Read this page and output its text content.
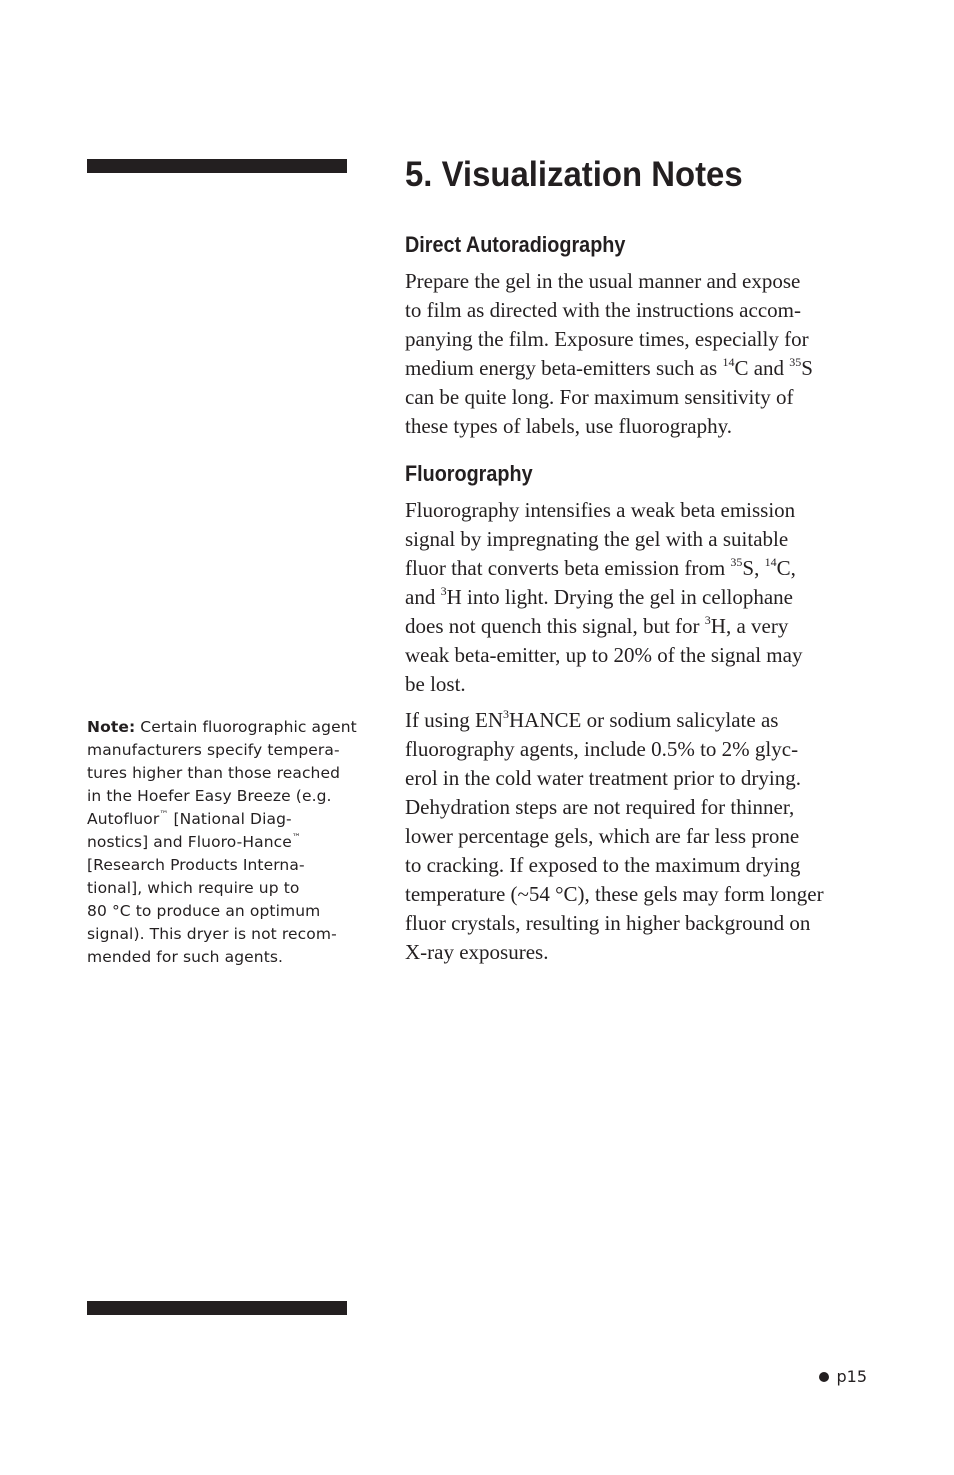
5. Visualization Notes
Direct Autoradiography

Prepare the gel in the usual manner and expose
to film as directed with the instructions accom-
panying the film. Exposure times, especially for
medium energy beta-emitters such as $^{14}$C and $^{35}$S
can be quite long. For maximum sensitivity of
these types of labels, use fluorography.

Fluorography

Fluorography intensifies a weak beta emission
signal by impregnating the gel with a suitable
fluor that converts beta emission from $^{35}$S, $^{14}$C,
and $^3$H into light. Drying the gel in cellophane
does not quench this signal, but for $^3$H, a very
weak beta-emitter, up to 20% of the signal may
be lost.

If using $EN^3HANCE$ or sodium salicylate as
fluorography agents, include 0.5% to 2% glyc-
erol in the cold water treatment prior to drying.
Dehydration steps are not required for thinner,
lower percentage gels, which are far less prone
to cracking. If exposed to the maximum drying
temperature (~54 °C), these gels may form longer
fluor crystals, resulting in higher background on
X-ray exposures.

Note: Certain fluorographic agent
manufacturers specify tempera-
tures higher than those reached
in the Hoefer Easy Breeze (e.g.
Autofluor™ [National Diag-
nostics] and Fluoro-Hance™
[Research Products Interna-
tional], which require up to
80 °C to produce an optimum
signal). This dryer is not recom-
mended for such agents.
p15
